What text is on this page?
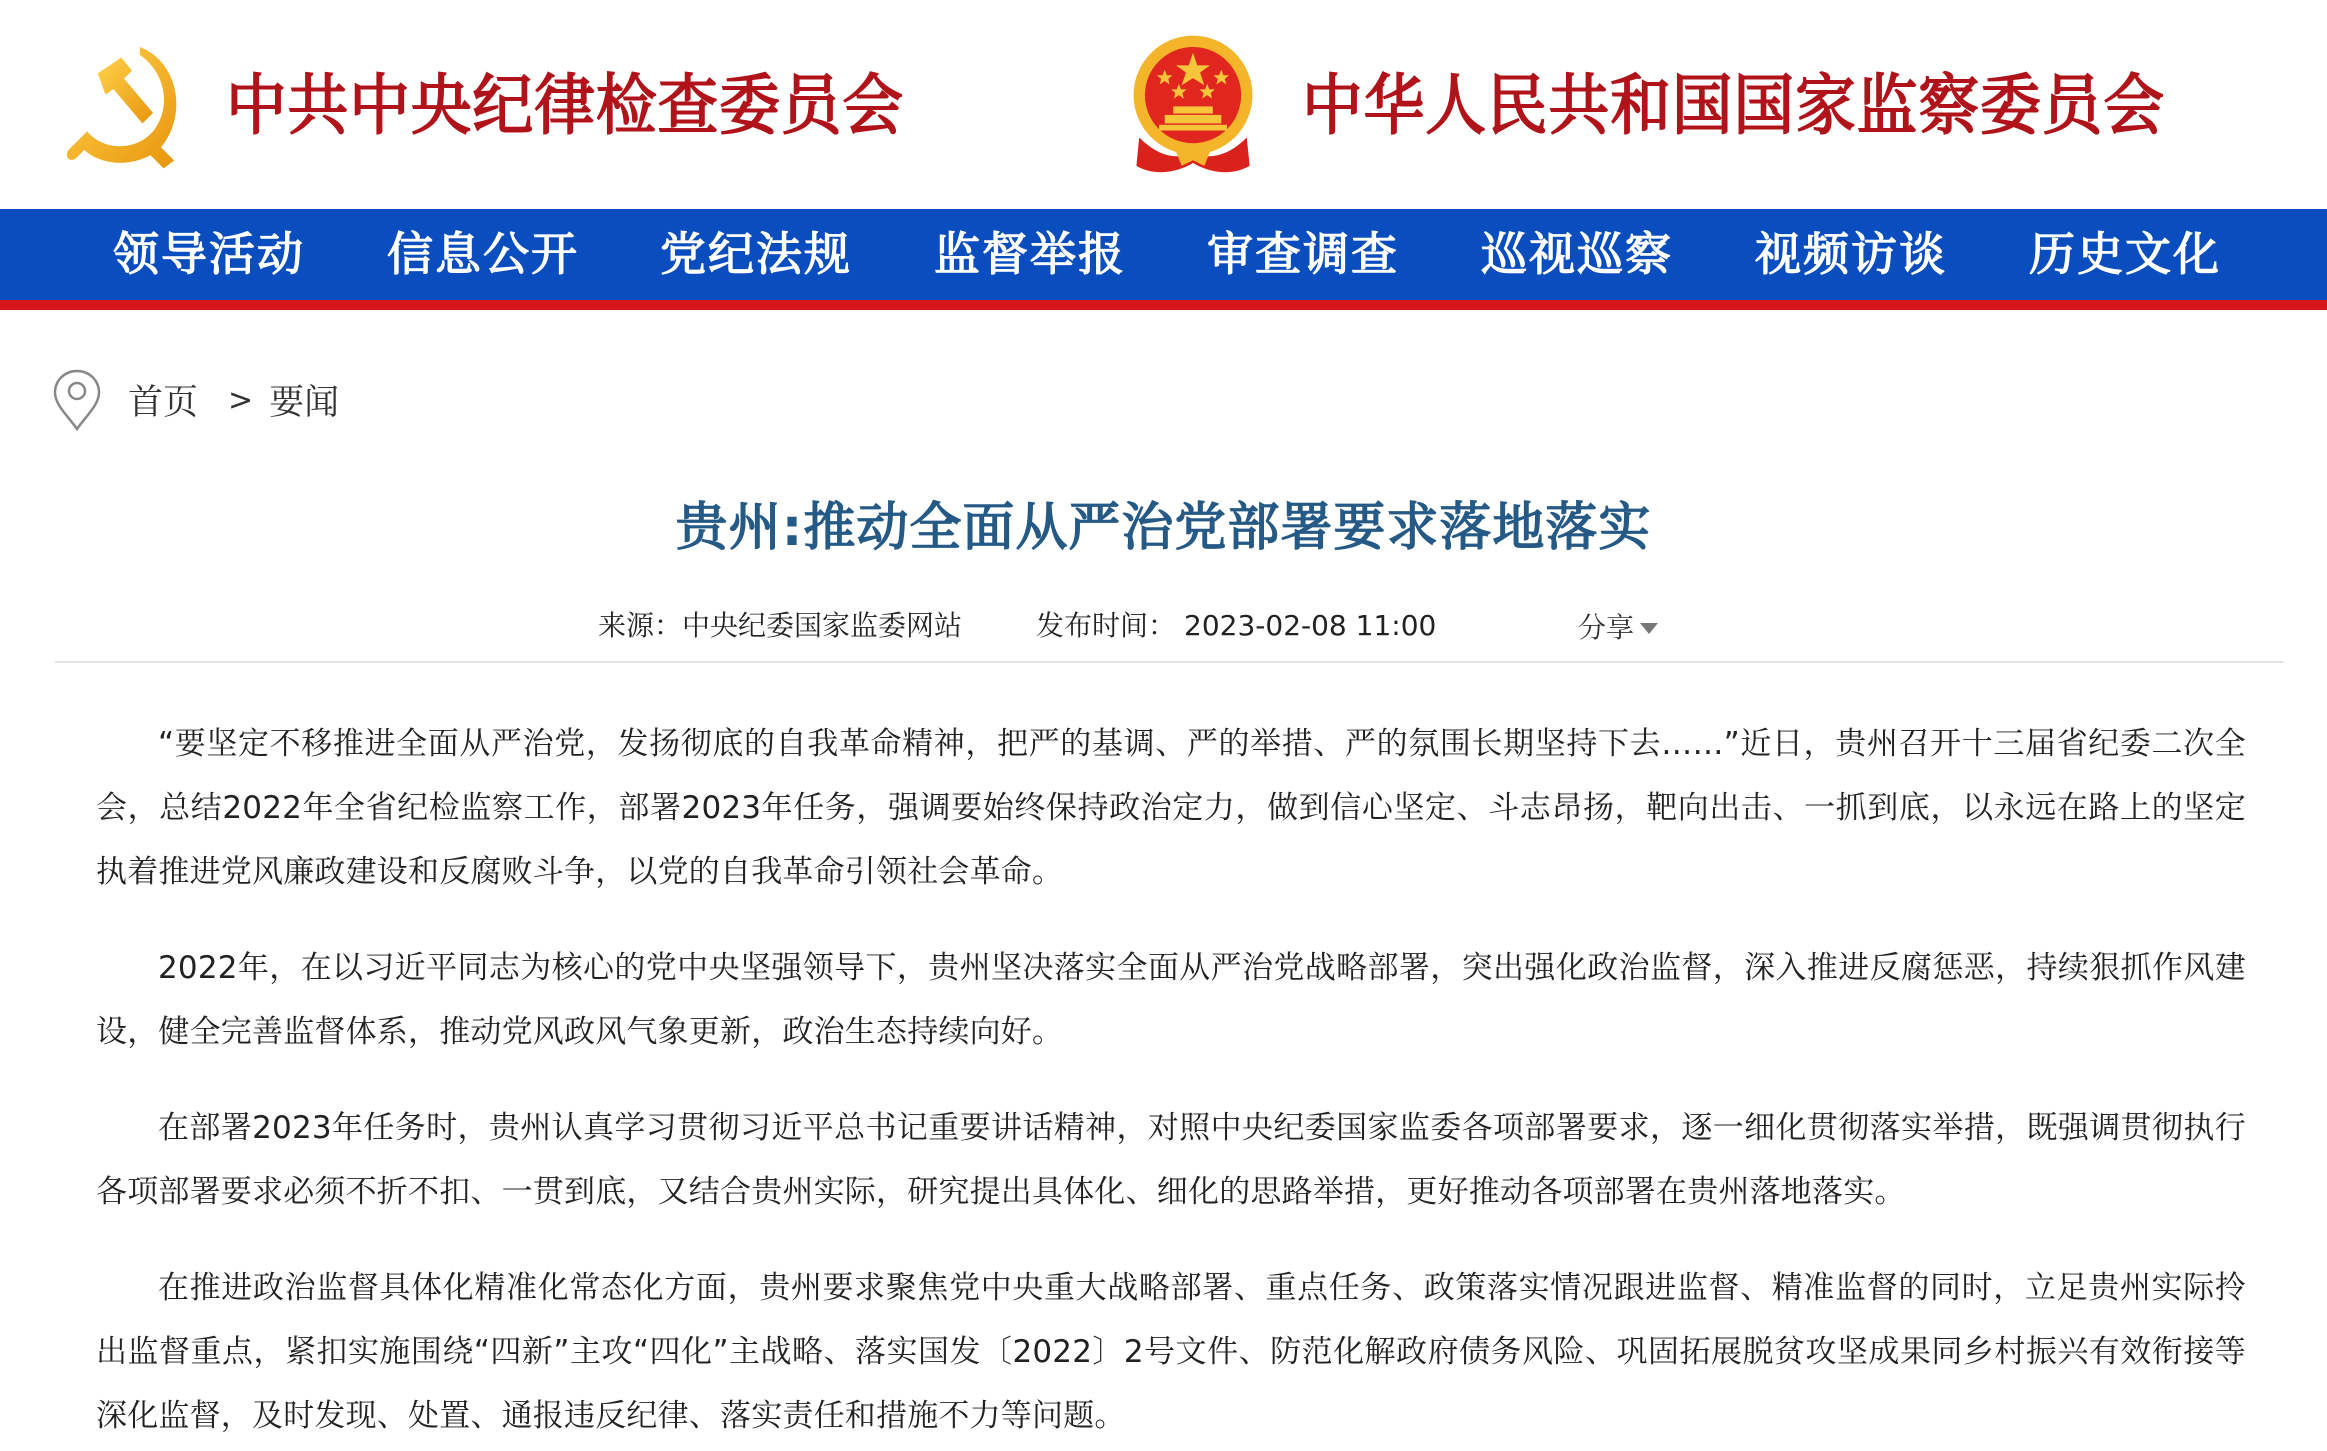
中共中央纪律检查委员会	中华人民共和国国家监察委员会
领导活动 信息公开 党纪法规 监督举报 审查调查 巡视巡察 视频访谈 历史文化
首页 > 要闻
贵州:推动全面从严治党部署要求落地落实
来源：中央纪委国家监委网站	发布时间： 2023-02-08 11:00	分享

“要坚定不移推进全面从严治党，发扬彻底的自我革命精神，把严的基调、严的举措、严的氛围长期坚持下去……”近日，贵州召开十三届省纪委二次全会，总结2022年全省纪检监察工作，部署2023年任务，强调要始终保持政治定力，做到信心坚定、斗志昂扬，靶向出击、一抓到底，以永远在路上的坚定执着推进党风廉政建设和反腐败斗争，以党的自我革命引领社会革命。

2022年，在以习近平同志为核心的党中央坚强领导下，贵州坚决落实全面从严治党战略部署，突出强化政治监督，深入推进反腐惩恶，持续狠抓作风建设，健全完善监督体系，推动党风政风气象更新，政治生态持续向好。

在部署2023年任务时，贵州认真学习贯彻习近平总书记重要讲话精神，对照中央纪委国家监委各项部署要求，逐一细化贯彻落实举措，既强调贯彻执行各项部署要求必须不折不扣、一贯到底，又结合贵州实际，研究提出具体化、细化的思路举措，更好推动各项部署在贵州落地落实。

在推进政治监督具体化精准化常态化方面，贵州要求聚焦党中央重大战略部署、重点任务、政策落实情况跟进监督、精准监督的同时，立足贵州实际拎出监督重点，紧扣实施围绕“四新”主攻“四化”主战略、落实国发〔2022〕2号文件、防范化解政府债务风险、巩固拓展脱贫攻坚成果同乡村振兴有效衔接等深化监督，及时发现、处置、通报违反纪律、落实责任和措施不力等问题。
